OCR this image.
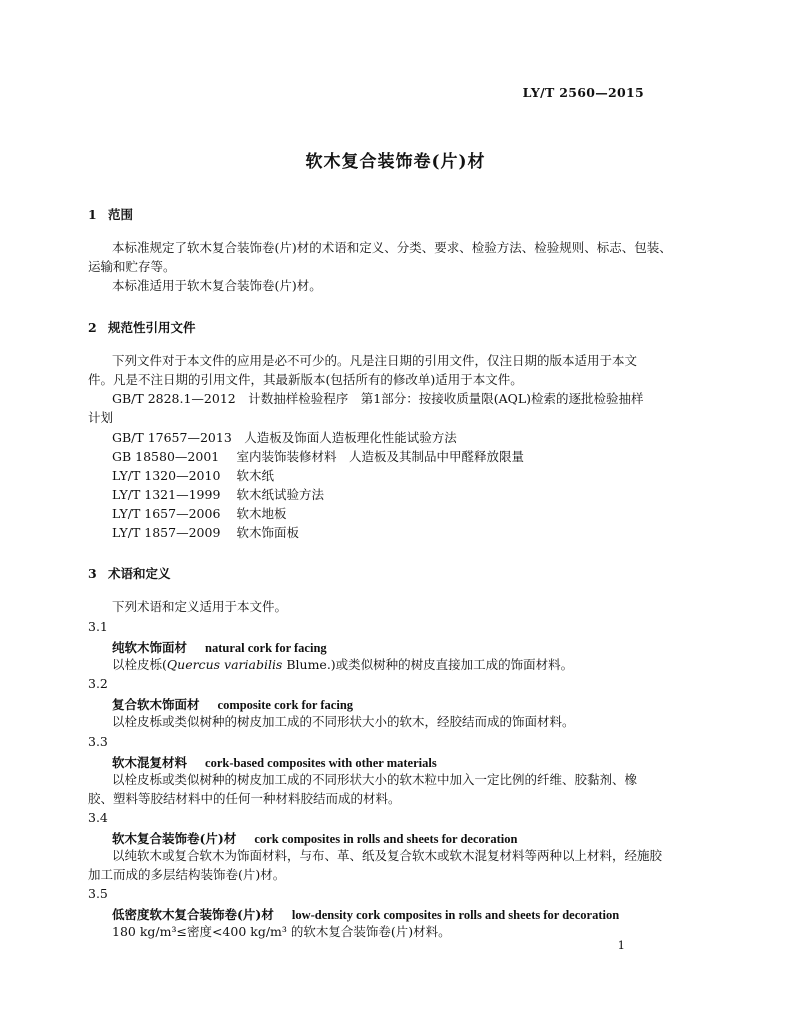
LY/T 2560—2015
软木复合装饰卷(片)材
1 范围
本标准规定了软木复合装饰卷(片)材的术语和定义、分类、要求、检验方法、检验规则、标志、包装、
运输和贮存等。
本标准适用于软木复合装饰卷(片)材。
2 规范性引用文件
下列文件对于本文件的应用是必不可少的。凡是注日期的引用文件，仅注日期的版本适用于本文
件。凡是不注日期的引用文件，其最新版本(包括所有的修改单)适用于本文件。
GB/T 2828.1—2012　计数抽样检验程序　第1部分：按接收质量限(AQL)检索的逐批检验抽样
计划
GB/T 17657—2013　 人造板及饰面人造板理化性能试验方法
GB 18580—2001　 室内装饰装修材料　人造板及其制品中甲醛释放限量
LY/T 1320—2010　 软木纸
LY/T 1321—1999　 软木纸试验方法
LY/T 1657—2006　 软木地板
LY/T 1857—2009　 软木饰面板
3 术语和定义
下列术语和定义适用于本文件。
3.1
纯软木饰面材 natural cork for facing
以栓皮栎(Quercus variabilis Blume.)或类似树种的树皮直接加工成的饰面材料。
3.2
复合软木饰面材 composite cork for facing
以栓皮栎或类似树种的树皮加工成的不同形状大小的软木，经胶结而成的饰面材料。
3.3
软木混复材料 cork-based composites with other materials
以栓皮栎或类似树种的树皮加工成的不同形状大小的软木粒中加入一定比例的纤维、胶黏剂、橡
胶、塑料等胶结材料中的任何一种材料胶结而成的材料。
3.4
软木复合装饰卷(片)材 cork composites in rolls and sheets for decoration
以纯软木或复合软木为饰面材料，与布、革、纸及复合软木或软木混复材料等两种以上材料，经施胶
加工而成的多层结构装饰卷(片)材。
3.5
低密度软木复合装饰卷(片)材 low-density cork composites in rolls and sheets for decoration
180 kg/m³≤密度<400 kg/m³ 的软木复合装饰卷(片)材料。
1
